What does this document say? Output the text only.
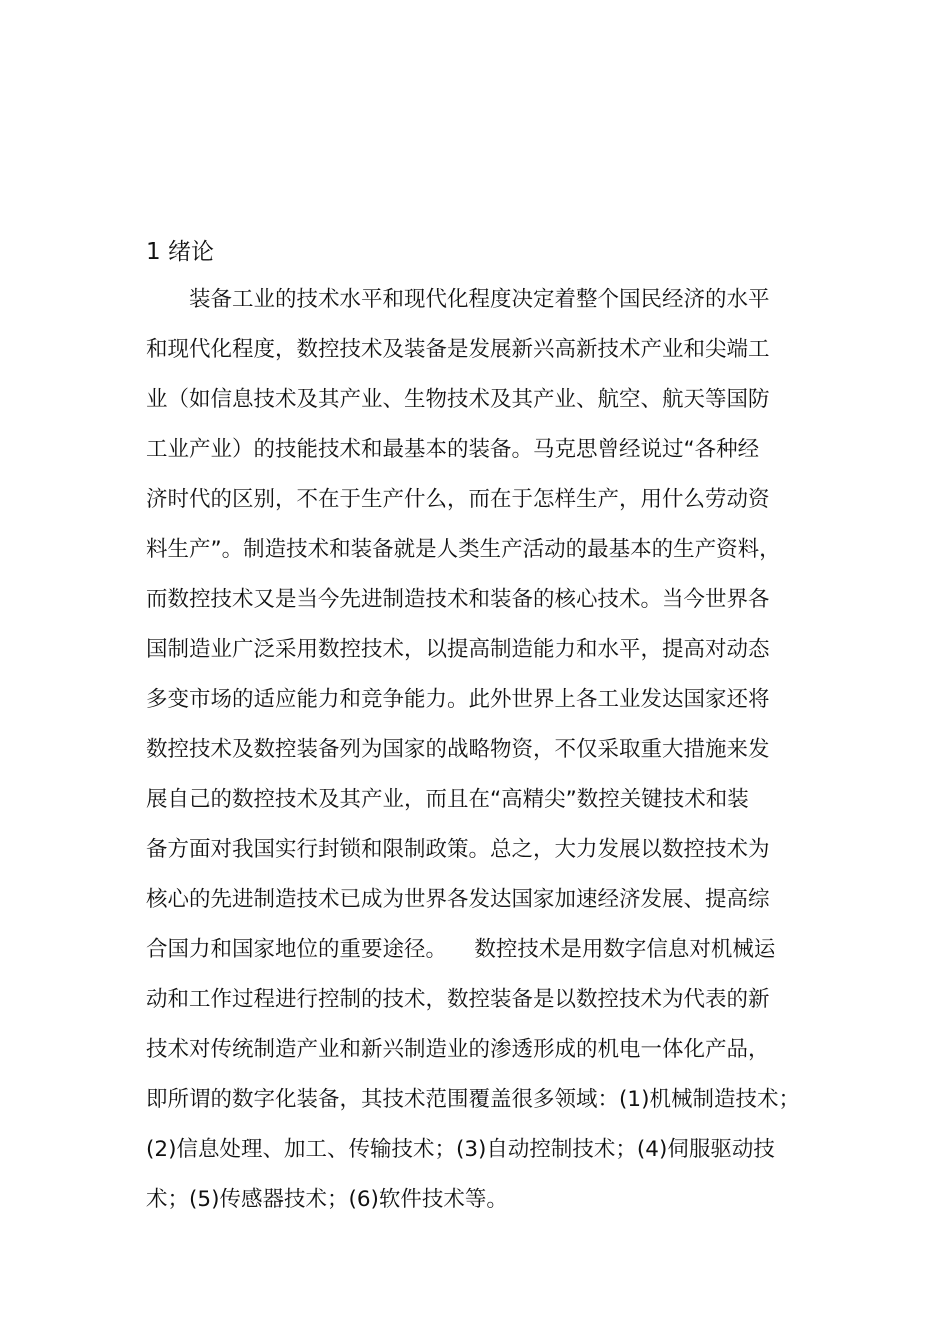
1 绪论

装备工业的技术水平和现代化程度决定着整个国民经济的水平

和现代化程度，数控技术及装备是发展新兴高新技术产业和尖端工

业（如信息技术及其产业、生物技术及其产业、航空、航天等国防

工业产业）的技能技术和最基本的装备。马克思曾经说过“各种经

济时代的区别，不在于生产什么，而在于怎样生产，用什么劳动资

料生产”。制造技术和装备就是人类生产活动的最基本的生产资料，

而数控技术又是当今先进制造技术和装备的核心技术。当今世界各

国制造业广泛采用数控技术，以提高制造能力和水平，提高对动态

多变市场的适应能力和竞争能力。此外世界上各工业发达国家还将

数控技术及数控装备列为国家的战略物资，不仅采取重大措施来发

展自己的数控技术及其产业，而且在“高精尖”数控关键技术和装

备方面对我国实行封锁和限制政策。总之，大力发展以数控技术为

核心的先进制造技术已成为世界各发达国家加速经济发展、提高综

合国力和国家地位的重要途径。    数控技术是用数字信息对机械运

动和工作过程进行控制的技术，数控装备是以数控技术为代表的新

技术对传统制造产业和新兴制造业的渗透形成的机电一体化产品，

即所谓的数字化装备，其技术范围覆盖很多领域：(1)机械制造技术；

(2)信息处理、加工、传输技术；(3)自动控制技术；(4)伺服驱动技

术；(5)传感器技术；(6)软件技术等。
